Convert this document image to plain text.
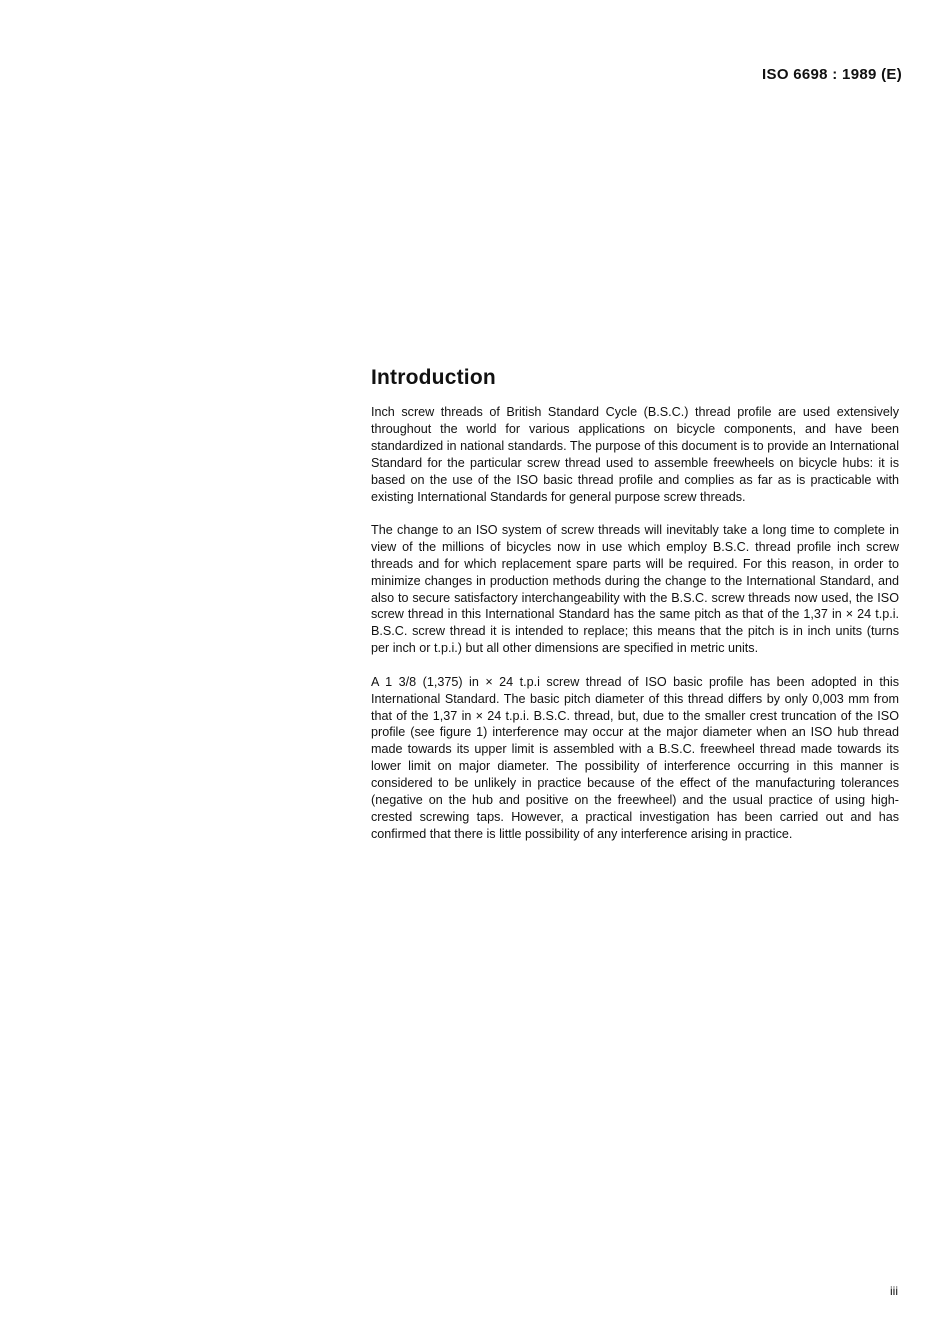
ISO 6698 : 1989 (E)

Introduction

Inch screw threads of British Standard Cycle (B.S.C.) thread profile are used extensively throughout the world for various applications on bicycle components, and have been standardized in national standards. The purpose of this document is to provide an International Standard for the particular screw thread used to assemble freewheels on bicycle hubs: it is based on the use of the ISO basic thread profile and complies as far as is practicable with existing International Standards for general purpose screw threads.

The change to an ISO system of screw threads will inevitably take a long time to complete in view of the millions of bicycles now in use which employ B.S.C. thread profile inch screw threads and for which replacement spare parts will be required. For this reason, in order to minimize changes in production methods during the change to the International Standard, and also to secure satisfactory interchangeability with the B.S.C. screw threads now used, the ISO screw thread in this International Standard has the same pitch as that of the 1,37 in × 24 t.p.i. B.S.C. screw thread it is intended to replace; this means that the pitch is in inch units (turns per inch or t.p.i.) but all other dimensions are specified in metric units.

A 1 3/8 (1,375) in × 24 t.p.i screw thread of ISO basic profile has been adopted in this International Standard. The basic pitch diameter of this thread differs by only 0,003 mm from that of the 1,37 in × 24 t.p.i. B.S.C. thread, but, due to the smaller crest truncation of the ISO profile (see figure 1) interference may occur at the major diameter when an ISO hub thread made towards its upper limit is assembled with a B.S.C. freewheel thread made towards its lower limit on major diameter. The possibility of interference occurring in this manner is considered to be unlikely in practice because of the effect of the manufacturing tolerances (negative on the hub and positive on the freewheel) and the usual practice of using high-crested screwing taps. However, a practical investigation has been carried out and has confirmed that there is little possibility of any interference arising in practice.

iii
